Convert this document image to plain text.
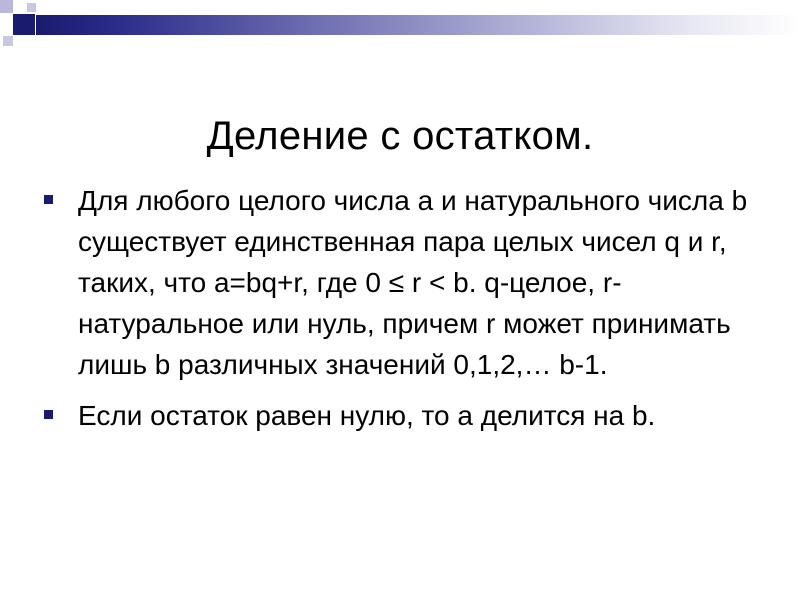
Деление с остатком.
Для любого целого числа a и натурального числа b существует единственная пара целых чисел q и r, таких, что a=bq+r, где 0 ≤ r < b. q-целое, r- натуральное или нуль, причем r может принимать лишь b различных значений 0,1,2,… b-1.
Если остаток равен нулю, то a делится на b.
